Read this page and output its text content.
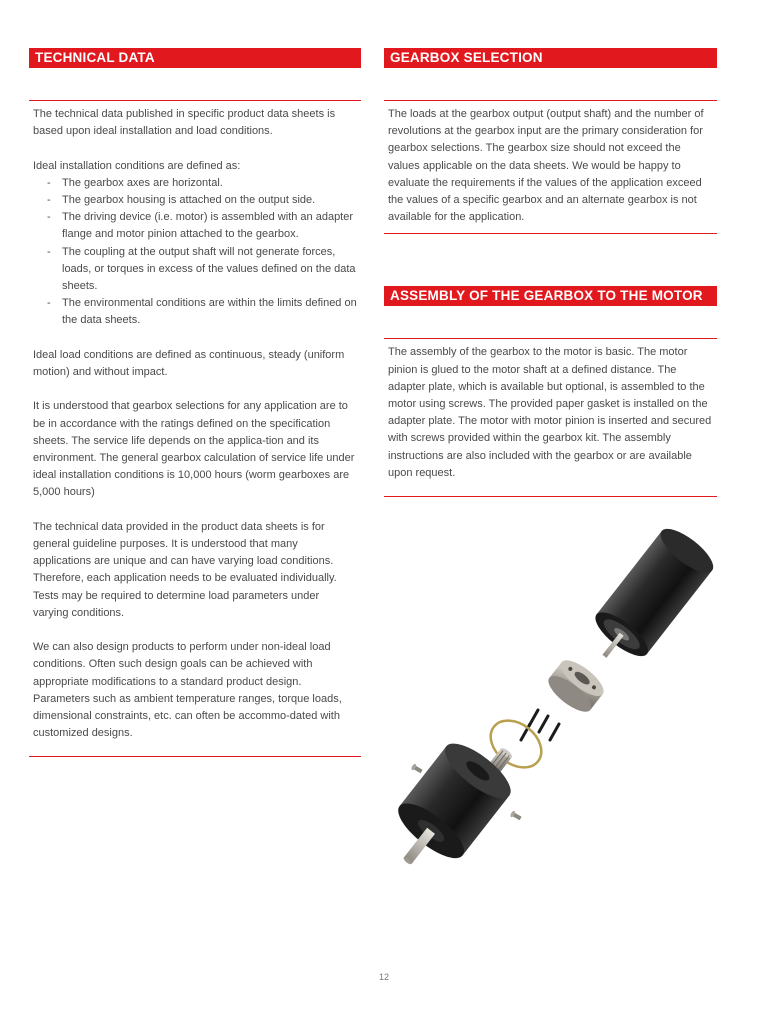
TECHNICAL DATA

The technical data published in specific product data sheets is based upon ideal installation and load conditions.

Ideal installation conditions are defined as:

- The gearbox axes are horizontal.
- The gearbox housing is attached on the output side.
- The driving device (i.e. motor) is assembled with an adapter flange and motor pinion attached to the gearbox.
- The coupling at the output shaft will not generate forces, loads, or torques in excess of the values defined on the data sheets.
- The environmental conditions are within the limits defined on the data sheets.

Ideal load conditions are defined as continuous, steady (uniform motion) and without impact.

It is understood that gearbox selections for any application are to be in accordance with the ratings defined on the specification sheets. The service life depends on the applica-tion and its environment. The general gearbox calculation of service life under ideal installation conditions is 10,000 hours (worm gearboxes are 5,000 hours)

The technical data provided in the product data sheets is for general guideline purposes. It is understood that many applications are unique and can have varying load conditions. Therefore, each application needs to be evaluated individually. Tests may be required to determine load parameters under varying conditions.

We can also design products to perform under non-ideal load conditions. Often such design goals can be achieved with appropriate modifications to a standard product design. Parameters such as ambient temperature ranges, torque loads, dimensional constraints, etc. can often be accommo-dated with customized designs.

GEARBOX SELECTION

The loads at the gearbox output (output shaft) and the number of revolutions at the gearbox input are the primary consideration for gearbox selections. The gearbox size should not exceed the values applicable on the data sheets. We would be happy to evaluate the requirements if the values of the application exceed the values of a specific gearbox and an alternate gearbox is not available for the application.

ASSEMBLY OF THE GEARBOX TO THE MOTOR

The assembly of the gearbox to the motor is basic. The motor pinion is glued to the motor shaft at a defined distance. The adapter plate, which is available but optional, is assembled to the motor using screws. The provided paper gasket is installed on the adapter plate. The motor with motor pinion is inserted and secured with screws provided within the gearbox kit. The assembly instructions are also included with the gearbox or are available upon request.

12
